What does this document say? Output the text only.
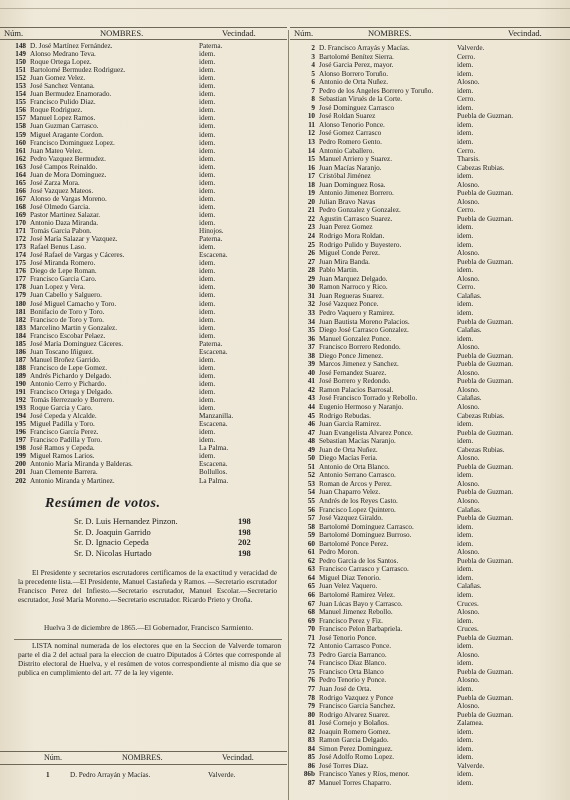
Núm.	NOMBRES.	Vecindad.
148 D. José Martínez Fernández.	Paterna.
149 Alonso Medrano Teva.	idem.
150 Roque Ortega Lopez.	idem.
151 Bartolomé Bermudez Rodriguez.	idem.
152 Juan Gomez Velez.	idem.
153 José Sanchez Ventana.	idem.
154 Juan Bermudez Enamorado.	idem.
155 Francisco Pulido Diaz.	idem.
156 Roque Rodriguez.	idem.
157 Manuel Lopez Ramos.	idem.
158 Juan Guzman Carrasco.	idem.
159 Miguel Aragante Cordon.	idem.
160 Francisco Dominguez Lopez.	idem.
161 Juan Mateo Velez.	idem.
162 Pedro Vazquez Bermudez.	idem.
163 José Campos Reinaldo.	idem.
164 Juan de Mora Dominguez.	idem.
165 José Zarza Mora.	idem.
166 José Vazquez Mateos.	idem.
167 Alonso de Vargas Moreno.	idem.
168 José Olmedo Garcia.	idem.
169 Pastor Martinez Salazar.	idem.
170 Antonio Daza Miranda.	idem.
171 Tomás Garcia Pabon.	Hinojos.
172 José María Salazar y Vazquez.	Paterna.
173 Rafael Benus Laso.	idem.
174 José Rafael de Vargas y Cáceres.	Escacena.
175 José Miranda Romero.	idem.
176 Diego de Lepe Roman.	idem.
177 Francisco Garcia Caro.	idem.
178 Juan Lopez y Vera.	idem.
179 Juan Cabello y Salguero.	idem.
180 José Miguel Camacho y Toro.	idem.
181 Bonifacio de Toro y Toro.	idem.
182 Francisco de Toro y Toro.	idem.
183 Marcelino Martin y Gonzalez.	idem.
184 Francisco Escobar Pelaez.	idem.
185 José María Dominguez Cáceres.	Paterna.
186 Juan Toscano Iñiguez.	Escacena.
187 Manuel Broñez Garrido.	idem.
188 Francisco de Lepe Gomez.	idem.
189 Andrés Pichardo y Delgado.	idem.
190 Antonio Cerro y Pichardo.	idem.
191 Francisco Ortega y Delgado.	idem.
192 Tomás Herrezuelo y Borrero.	idem.
193 Roque Garcia y Caro.	idem.
194 José Cepeda y Alcalde.	Manzanilla.
195 Miguel Padilla y Toro.	Escacena.
196 Francisco García Perez.	idem.
197 Francisco Padilla y Toro.	idem.
198 José Ramos y Cepeda.	La Palma.
199 Miguel Ramos Larios.	idem.
200 Antonio María Miranda y Balderas.	Escacena.
201 Juan Clemente Barrera.	Bollullos.
202 Antonio Miranda y Martinez.	La Palma.
Resúmen de votos.
Sr. D. Luis Hernandez Pinzon.	198
Sr. D. Joaquin Garrido	198
Sr. D. Ignacio Cepeda	202
Sr. D. Nicolas Hurtado	198
El Presidente y secretarios escrutadores certificamos de la exactitud y veracidad de la precedente lista.—El Presidente, Manuel Castañeda y Ramos. —Secretario escrutador Francisco Perez del Infiesto.—Secretario escrutador, Manuel Escolar.—Secretario escrutador, José María Moreno.—Secretario escrutador. Ricardo Prieto y Oroña.
Huelva 3 de diciembre de 1865.—El Gobernador, Francisco Sarmiento.
LISTA nominal numerada de los electores que en la Seccion de Valverde tomaron parte el dia 2 del actual para la eleccion de cuatro Diputados á Córtes que corresponde al Distrito electoral de Huelva, y el resúmen de votos correspondiente al mismo dia que se publica en cumplimiento del art. 77 de la ley vigente.
Núm.	NOMBRES.	Vecindad.
1	D. Pedro Arrayán y Macías.	Valverde.
Núm.	NOMBRES.	Vecindad.
2 D. Francisco Arrayás y Macías.	Valverde.
3 Bartolomé Benítez Sierra.	Cerro.
4 José Garcia Perez, mayor.	idem.
5 Alonso Borrero Toruño.	idem.
6 Antonio de Orta Nuñez.	Alosno.
7 Pedro de los Angeles Borrero y Toruño.	idem.
8 Sebastian Virués de la Corte.	Cerro.
9 José Dominguez Carrasco	idem.
10 José Roldan Suarez	Puebla de Guzman.
11 Alonso Tenorio Ponce.	idem.
12 José Gomez Carrasco	idem.
13 Pedro Romero Gento.	idem.
14 Antonio Caballero.	Cerro.
15 Manuel Arriero y Suarez.	Tharsis.
16 Juan Macías Naranjo.	Cabezas Rubias.
17 Cristóbal Jiménez	idem.
18 Juan Dominguez Rosa.	Alosno.
19 Antonio Jimenez Borrero.	Puebla de Guzman.
20 Julian Bravo Navas	Alosno.
21 Pedro Gonzalez y Gonzalez.	Cerro.
22 Agustin Carrasco Suarez.	Puebla de Guzman.
23 Juan Perez Gomez	idem.
24 Rodrigo Mora Roldan.	idem.
25 Rodrigo Pulido y Buyestero.	idem.
26 Miguel Conde Perez.	Alosno.
27 Juan Mira Banda.	Puebla de Guzman.
28 Pablo Martin.	idem.
29 Juan Marquez Delgado.	Alosno.
30 Ramon Narroco y Rico.	Cerro.
31 Juan Regueras Suarez.	Calañas.
32 José Vazquez Ponce.	idem.
33 Pedro Vaquero y Ramirez.	idem.
34 Juan Bautista Moreno Palacios.	Puebla de Guzman.
35 Diego José Carrasco Gonzalez.	Calañas.
36 Manuel Gonzalez Ponce.	idem.
37 Francisco Borrero Redondo.	Alosno.
38 Diego Ponce Jimenez.	Puebla de Guzman.
39 Marcos Jimenez y Sanchez.	Puebla de Guzman.
40 José Fernandez Suarez.	Alosno.
41 José Borrero y Redondo.	Puebla de Guzman.
42 Ramon Palacios Barrosal.	Alosno.
43 José Francisco Torrado y Rebollo.	Calañas.
44 Eugenio Hermoso y Naranjo.	Alosno.
45 Rodrigo Rebudas.	Cabezas Rubias.
46 Juan Garcia Ramirez.	idem.
47 Juan Evangelista Alvarez Ponce.	Puebla de Guzman.
48 Sebastian Macías Naranjo.	idem.
49 Juan de Orta Nuñez.	Cabezas Rubias.
50 Diego Macías Feria.	Alosno.
51 Antonio de Orta Blanco.	Puebla de Guzman.
52 Antonio Serrano Carrasco.	idem.
53 Roman de Arcos y Perez.	Alosno.
54 Juan Chaparro Velez.	Puebla de Guzman.
55 Andrés de los Reyes Casto.	Alosno.
56 Francisco Lopez Quintero.	Calañas.
57 José Vazquez Giraldo.	Puebla de Guzman.
58 Bartolomé Dominguez Carrasco.	idem.
59 Bartolomé Dominguez Burroso.	idem.
60 Bartolomé Ponce Perez.	idem.
61 Pedro Moron.	Alosno.
62 Pedro Garcia de los Santos.	Puebla de Guzman.
63 Francisco Carrasco y Carrasco.	idem.
64 Miguel Diaz Tenorio.	idem.
65 Juan Velez Vaquero.	Calañas.
66 Bartolomé Ramirez Velez.	idem.
67 Juan Lúcas Bayo y Carrasco.	Cruces.
68 Manuel Jimenez Rebollo.	Alosno.
69 Francisco Perez y Fiz.	idem.
70 Francisco Pelon Barbapriela.	Cruces.
71 José Tenorio Ponce.	Puebla de Guzman.
72 Antonio Carrasco Ponce.	idem.
73 Pedro Garcia Barranco.	Alosno.
74 Francisco Diaz Blanco.	idem.
75 Francisco Orta Blanco	Puebla de Guzman.
76 Pedro Tenorio y Ponce.	Alosno.
77 Juan José de Orta.	idem.
78 Rodrigo Vazquez y Ponce	Puebla de Guzman.
79 Francisco Garcia Sanchez.	Alosno.
80 Rodrigo Alvarez Suarez.	Puebla de Guzman.
81 José Cornejo y Bolaños.	Zalamea.
82 Joaquin Romero Gomez.	idem.
83 Ramon Garcia Delgado.	idem.
84 Simon Perez Dominguez.	idem.
85 José Adolfo Romo Lopez.	idem.
86 José Torres Diaz.	Valverde.
86b Francisco Yanes y Ríos, menor.	idem.
87 Manuel Torres Chaparro.	idem.
